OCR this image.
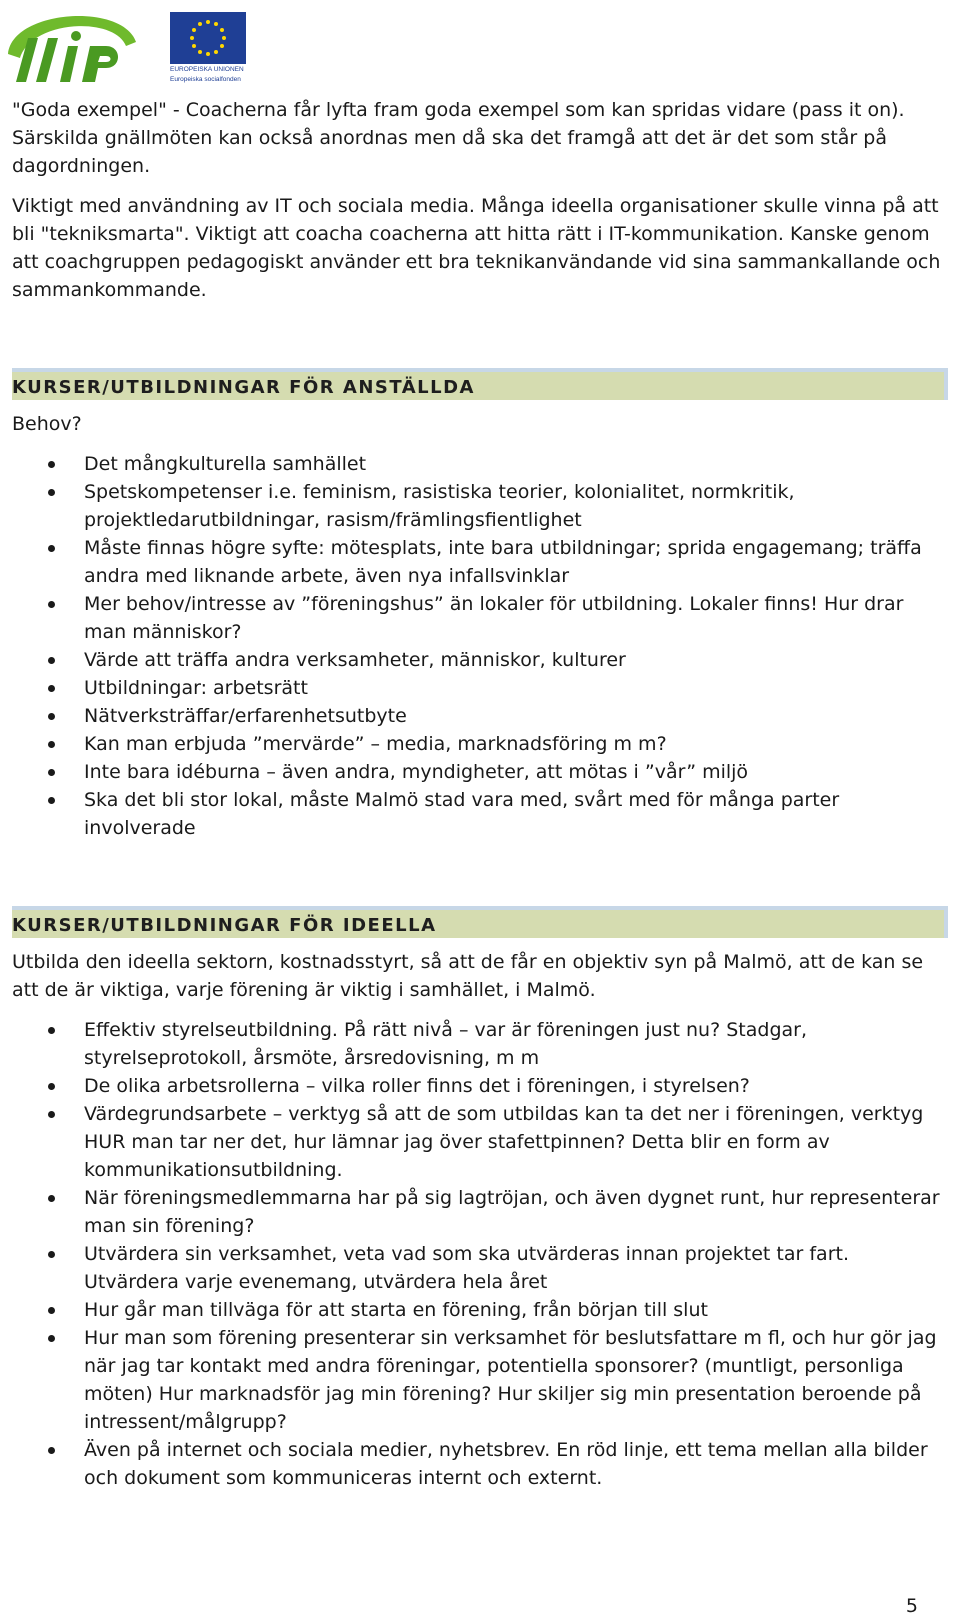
EUROPEISKA UNIONEN
Europeiska socialfonden

"Goda exempel" - Coacherna får lyfta fram goda exempel som kan spridas vidare (pass it on). Särskilda gnällmöten kan också anordnas men då ska det framgå att det är det som står på dagordningen.

Viktigt med användning av IT och sociala media. Många ideella organisationer skulle vinna på att bli "tekniksmarta". Viktigt att coacha coacherna att hitta rätt i IT-kommunikation. Kanske genom att coachgruppen pedagogiskt använder ett bra teknikanvändande vid sina sammankallande och sammankommande.

KURSER/UTBILDNINGAR FÖR ANSTÄLLDA

Behov?

Det mångkulturella samhället
Spetskompetenser i.e. feminism, rasistiska teorier, kolonialitet, normkritik, projektledarutbildningar, rasism/främlingsfientlighet
Måste finnas högre syfte: mötesplats, inte bara utbildningar; sprida engagemang; träffa andra med liknande arbete, även nya infallsvinklar
Mer behov/intresse av ”föreningshus” än lokaler för utbildning. Lokaler finns! Hur drar man människor?
Värde att träffa andra verksamheter, människor, kulturer
Utbildningar: arbetsrätt
Nätverksträffar/erfarenhetsutbyte
Kan man erbjuda ”mervärde” – media, marknadsföring m m?
Inte bara idéburna – även andra, myndigheter, att mötas i ”vår” miljö
Ska det bli stor lokal, måste Malmö stad vara med, svårt med för många parter involverade
KURSER/UTBILDNINGAR FÖR IDEELLA

Utbilda den ideella sektorn, kostnadsstyrt, så att de får en objektiv syn på Malmö, att de kan se att de är viktiga, varje förening är viktig i samhället, i Malmö.

Effektiv styrelseutbildning. På rätt nivå – var är föreningen just nu? Stadgar, styrelseprotokoll, årsmöte, årsredovisning, m m
De olika arbetsrollerna – vilka roller finns det i föreningen, i styrelsen?
Värdegrundsarbete – verktyg så att de som utbildas kan ta det ner i föreningen, verktyg HUR man tar ner det, hur lämnar jag över stafettpinnen? Detta blir en form av kommunikationsutbildning.
När föreningsmedlemmarna har på sig lagtröjan, och även dygnet runt, hur representerar man sin förening?
Utvärdera sin verksamhet, veta vad som ska utvärderas innan projektet tar fart. Utvärdera varje evenemang, utvärdera hela året
Hur går man tillväga för att starta en förening, från början till slut
Hur man som förening presenterar sin verksamhet för beslutsfattare m fl, och hur gör jag när jag tar kontakt med andra föreningar, potentiella sponsorer? (muntligt, personliga möten) Hur marknadsför jag min förening? Hur skiljer sig min presentation beroende på intressent/målgrupp?
Även på internet och sociala medier, nyhetsbrev. En röd linje, ett tema mellan alla bilder och dokument som kommuniceras internt och externt.
5
